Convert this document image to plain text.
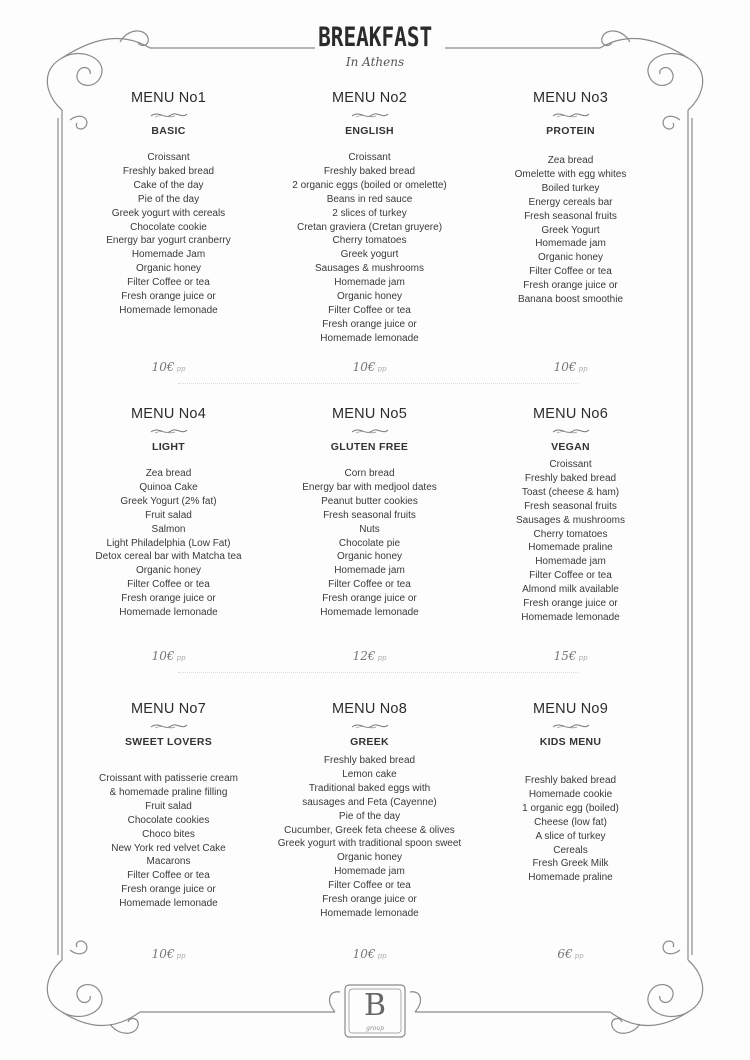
BREAKFAST
In Athens
MENU No1
BASIC
Croissant
Freshly baked bread
Cake of the day
Pie of the day
Greek yogurt with cereals
Chocolate cookie
Energy bar yogurt cranberry
Homemade Jam
Organic honey
Filter Coffee or tea
Fresh orange juice or
Homemade lemonade
10€ pp
MENU No2
ENGLISH
Croissant
Freshly baked bread
2 organic eggs (boiled or omelette)
Beans in red sauce
2 slices of turkey
Cretan graviera (Cretan gruyere)
Cherry tomatoes
Greek yogurt
Sausages & mushrooms
Homemade jam
Organic honey
Filter Coffee or tea
Fresh orange juice or
Homemade lemonade
10€ pp
MENU No3
PROTEIN
Zea bread
Omelette with egg whites
Boiled turkey
Energy cereals bar
Fresh seasonal fruits
Greek Yogurt
Homemade jam
Organic honey
Filter Coffee or tea
Fresh orange juice or
Banana boost smoothie
10€ pp
MENU No4
LIGHT
Zea bread
Quinoa Cake
Greek Yogurt (2% fat)
Fruit salad
Salmon
Light Philadelphia (Low Fat)
Detox cereal bar with Matcha tea
Organic honey
Filter Coffee or tea
Fresh orange juice or
Homemade lemonade
10€ pp
MENU No5
GLUTEN FREE
Corn bread
Energy bar with medjool dates
Peanut butter cookies
Fresh seasonal fruits
Nuts
Chocolate pie
Organic honey
Homemade jam
Filter Coffee or tea
Fresh orange juice or
Homemade lemonade
12€ pp
MENU No6
VEGAN
Croissant
Freshly baked bread
Toast (cheese & ham)
Fresh seasonal fruits
Sausages & mushrooms
Cherry tomatoes
Homemade praline
Homemade jam
Filter Coffee or tea
Almond milk available
Fresh orange juice or
Homemade lemonade
15€ pp
MENU No7
SWEET LOVERS
Croissant with patisserie cream
& homemade praline filling
Fruit salad
Chocolate cookies
Choco bites
New York red velvet Cake
Macarons
Filter Coffee or tea
Fresh orange juice or
Homemade lemonade
10€ pp
MENU No8
GREEK
Freshly baked bread
Lemon cake
Traditional baked eggs with
sausages and Feta (Cayenne)
Pie of the day
Cucumber, Greek feta cheese & olives
Greek yogurt with traditional spoon sweet
Organic honey
Homemade jam
Filter Coffee or tea
Fresh orange juice or
Homemade lemonade
10€ pp
MENU No9
KIDS MENU
Freshly baked bread
Homemade cookie
1 organic egg (boiled)
Cheese (low fat)
A slice of turkey
Cereals
Fresh Greek Milk
Homemade praline
6€ pp
B
group
